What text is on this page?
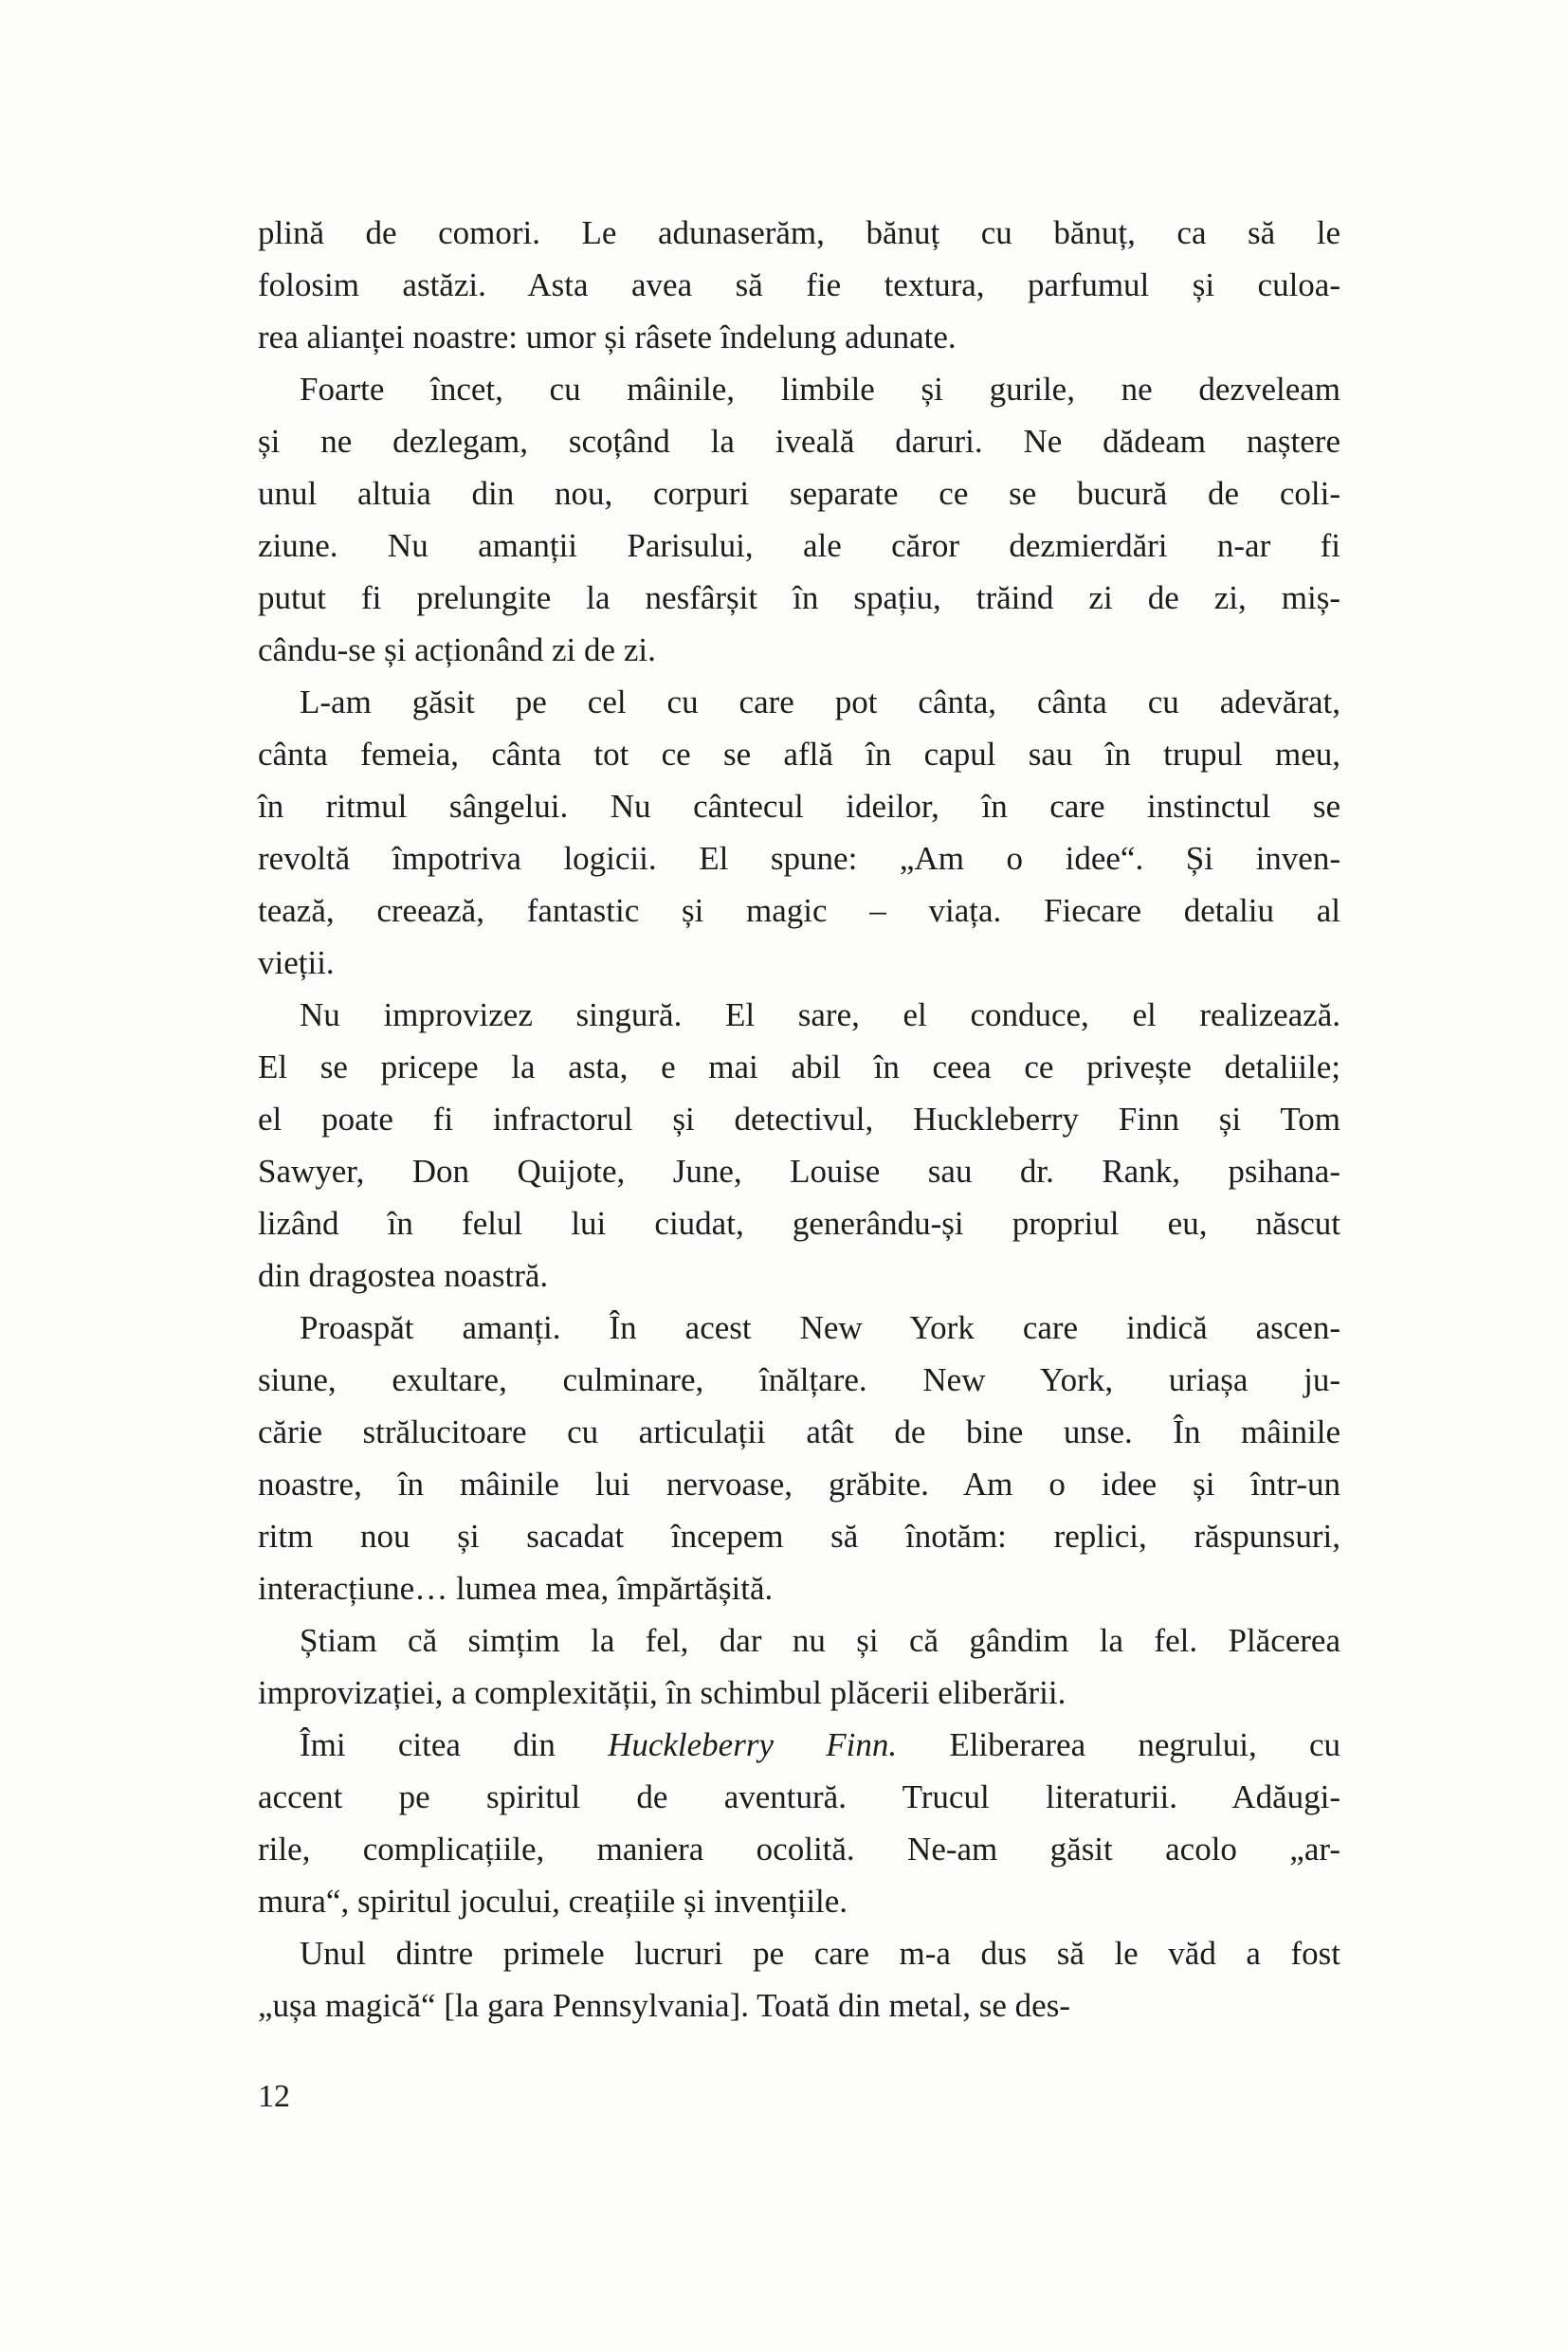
plină de comori. Le adunaserăm, bănuț cu bănuț, ca să le
folosim astăzi. Asta avea să fie textura, parfumul și culoa-
rea alianței noastre: umor și râsete îndelung adunate.
Foarte încet, cu mâinile, limbile și gurile, ne dezveleam
și ne dezlegam, scoțând la iveală daruri. Ne dădeam naștere
unul altuia din nou, corpuri separate ce se bucură de coli-
ziune. Nu amanții Parisului, ale căror dezmierdări n-ar fi
putut fi prelungite la nesfârșit în spațiu, trăind zi de zi, miș-
cându-se și acționând zi de zi.
L-am găsit pe cel cu care pot cânta, cânta cu adevărat,
cânta femeia, cânta tot ce se află în capul sau în trupul meu,
în ritmul sângelui. Nu cântecul ideilor, în care instinctul se
revoltă împotriva logicii. El spune: „Am o idee“. Și inven-
tează, creează, fantastic și magic – viața. Fiecare detaliu al
vieții.
Nu improvizez singură. El sare, el conduce, el realizează.
El se pricepe la asta, e mai abil în ceea ce privește detaliile;
el poate fi infractorul și detectivul, Huckleberry Finn și Tom
Sawyer, Don Quijote, June, Louise sau dr. Rank, psihana-
lizând în felul lui ciudat, generându-și propriul eu, născut
din dragostea noastră.
Proaspăt amanți. În acest New York care indică ascen-
siune, exultare, culminare, înălțare. New York, uriașa ju-
cărie strălucitoare cu articulații atât de bine unse. În mâinile
noastre, în mâinile lui nervoase, grăbite. Am o idee și într-un
ritm nou și sacadat începem să înotăm: replici, răspunsuri,
interacțiune… lumea mea, împărtășită.
Știam că simțim la fel, dar nu și că gândim la fel. Plăcerea
improvizației, a complexității, în schimbul plăcerii eliberării.
Îmi citea din Huckleberry Finn. Eliberarea negrului, cu
accent pe spiritul de aventură. Trucul literaturii. Adăugi-
rile, complicațiile, maniera ocolită. Ne-am găsit acolo „ar-
mura“, spiritul jocului, creațiile și invențiile.
Unul dintre primele lucruri pe care m-a dus să le văd a fost
„ușa magică“ [la gara Pennsylvania]. Toată din metal, se des-
12
